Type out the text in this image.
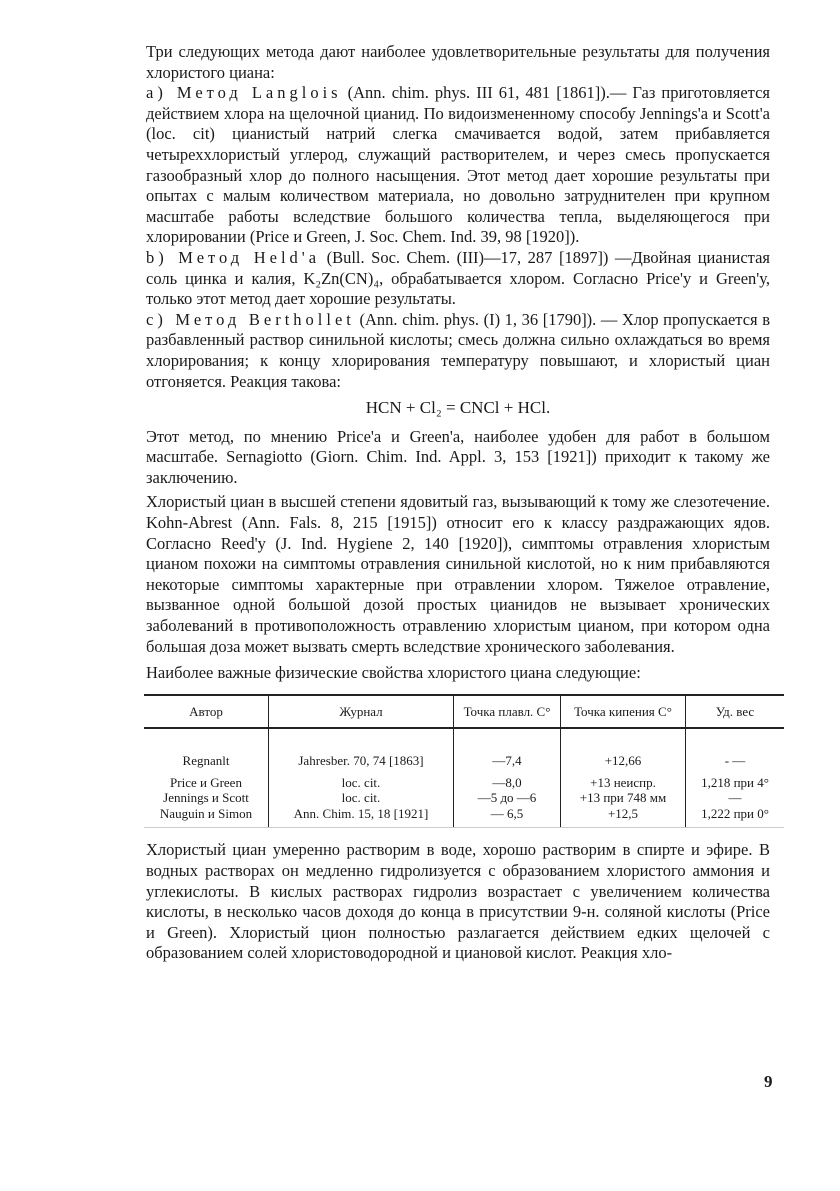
Три следующих метода дают наиболее удовлетворительные результаты для получения хлористого циана:

а) Метод Langlois (Ann. chim. phys. III 61, 481 [1861]).— Газ приготовляется действием хлора на щелочной цианид. По видоизмененному способу Jennings'а и Scott'а (loc. cit) цианистый натрий слегка смачивается водой, затем прибавляется четыреххлористый углерод, служащий растворителем, и через смесь пропускается газообразный хлор до полного насыщения. Этот метод дает хорошие результаты при опытах с малым количеством материала, но довольно затруднителен при крупном масштабе работы вследствие большого количества тепла, выделяющегося при хлорировании (Price и Green, J. Soc. Chem. Ind. 39, 98 [1920]).

b) Метод Held'a (Bull. Soc. Chem. (III)—17, 287 [1897]) —Двойная цианистая соль цинка и калия, K₂Zn(CN)₄, обрабатывается хлором. Согласно Price'у и Green'у, только этот метод дает хорошие результаты.

с) Метод Berthollet (Ann. chim. phys. (I) 1, 36 [1790]). — Хлор пропускается в разбавленный раствор синильной кислоты; смесь должна сильно охлаждаться во время хлорирования; к концу хлорирования температуру повышают, и хлористый циан отгоняется. Реакция такова:

HCN + Cl₂ = CNCl + HCl.

Этот метод, по мнению Price'а и Green'а, наиболее удобен для работ в большом масштабе. Sernagiotto (Giorn. Chim. Ind. Appl. 3, 153 [1921]) приходит к такому же заключению.

Хлористый циан в высшей степени ядовитый газ, вызывающий к тому же слезотечение. Kohn-Abrest (Ann. Fals. 8, 215 [1915]) относит его к классу раздражающих ядов. Согласно Reed'у (J. Ind. Hygiene 2, 140 [1920]), симптомы отравления хлористым цианом похожи на симптомы отравления синильной кислотой, но к ним прибавляются некоторые симптомы характерные при отравлении хлором. Тяжелое отравление, вызванное одной большой дозой простых цианидов не вызывает хронических заболеваний в противоположность отравлению хлористым цианом, при котором одна большая доза может вызвать смерть вследствие хронического заболевания.

Наиболее важные физические свойства хлористого циана следующие:

Автор	Журнал	Точка плавл. C°	Точка кипения C°	Уд. вес
Regnanlt	Jahresber. 70, 74 [1863]	—7,4	+12,66	- —
Price и Green	loc. cit.	—8,0	+13 неиспр.	1,218 при 4°
Jennings и Scott	loc. cit.	—5 до —6	+13 при 748 мм	—
Nauguin и Simon	Ann. Chim. 15, 18 [1921]	— 6,5	+12,5	1,222 при 0°

Хлористый циан умеренно растворим в воде, хорошо растворим в спирте и эфире. В водных растворах он медленно гидролизуется с образованием хлористого аммония и углекислоты. В кислых растворах гидролиз возрастает с увеличением количества кислоты, в несколько часов доходя до конца в присутствии 9-н. соляной кислоты (Price и Green). Хлористый цион полностью разлагается действием едких щелочей с образованием солей хлористоводородной и циановой кислот. Реакция хло-

9
